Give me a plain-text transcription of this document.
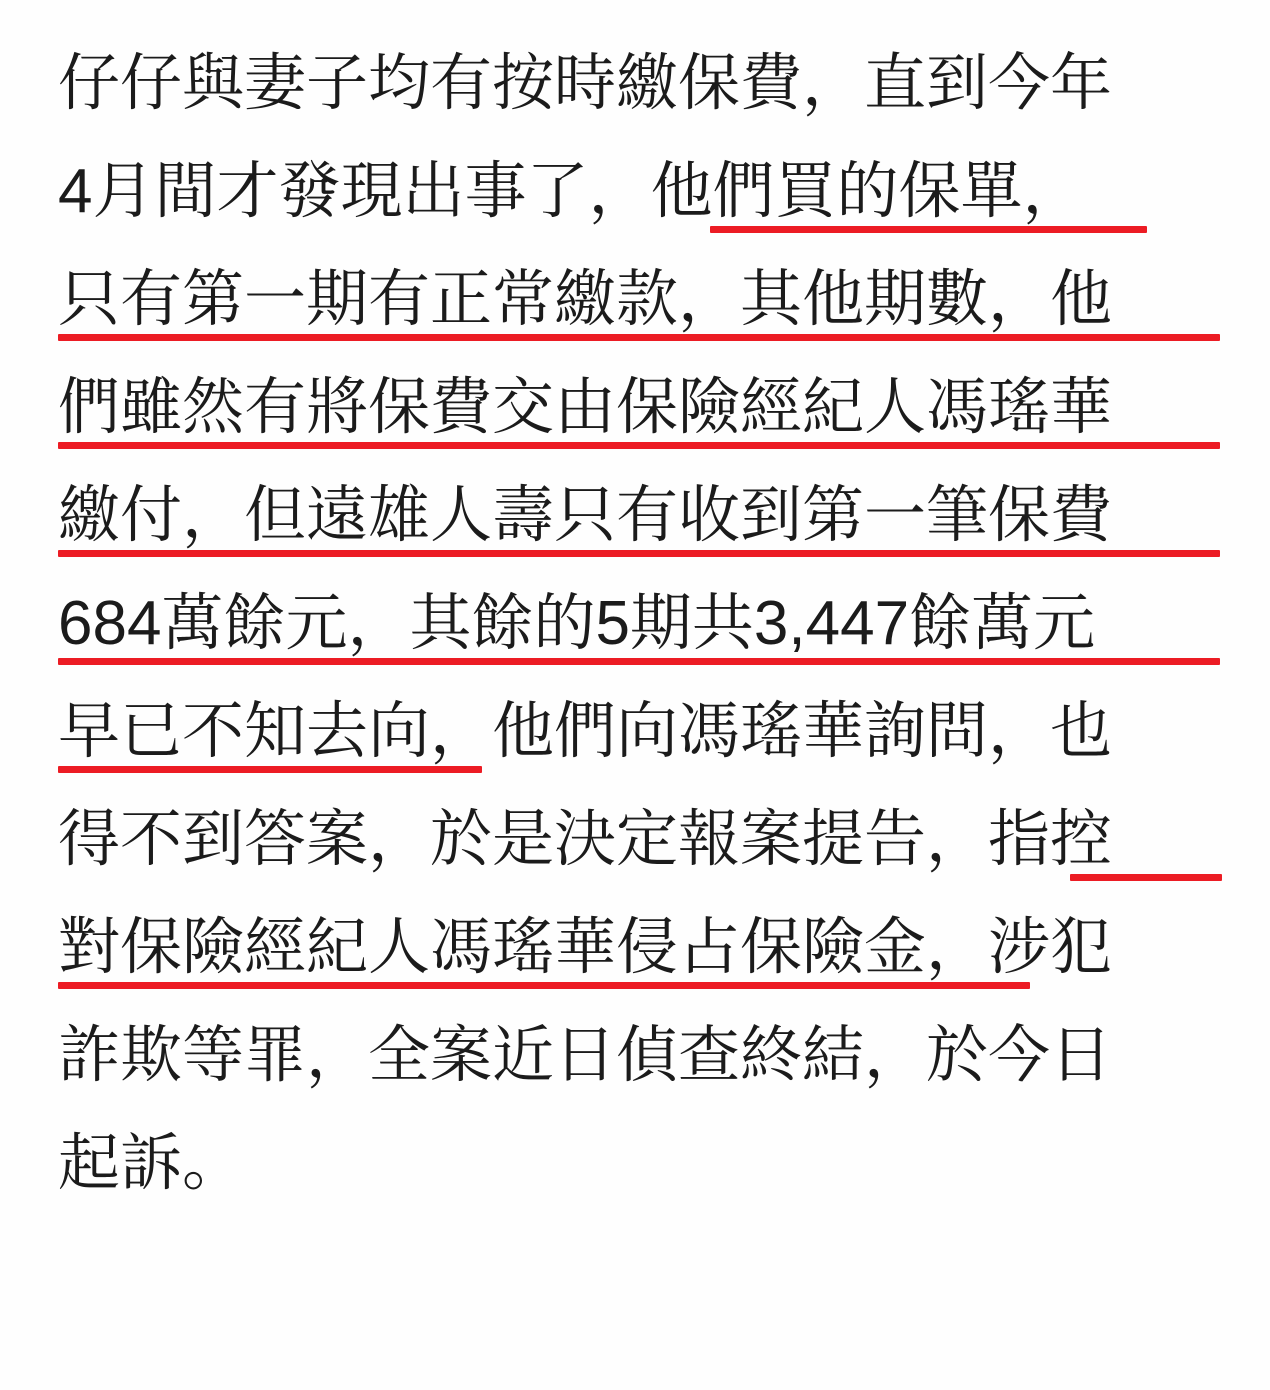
仔仔與妻子均有按時繳保費，直到今年
4月間才發現出事了，他們買的保單，
只有第一期有正常繳款，其他期數，他
們雖然有將保費交由保險經紀人馮瑤華
繳付，但遠雄人壽只有收到第一筆保費
684萬餘元，其餘的5期共3,447餘萬元
早已不知去向，他們向馮瑤華詢問，也
得不到答案，於是決定報案提告，指控
對保險經紀人馮瑤華侵占保險金，涉犯
詐欺等罪，全案近日偵查終結，於今日
起訴。
